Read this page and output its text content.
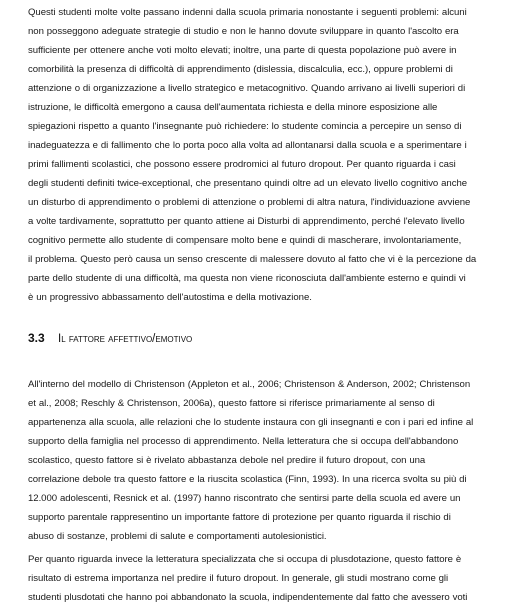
Questi studenti molte volte passano indenni dalla scuola primaria nonostante i seguenti problemi: alcuni
non posseggono adeguate strategie di studio e non le hanno dovute sviluppare in quanto l'ascolto era
sufficiente per ottenere anche voti molto elevati; inoltre, una parte di questa popolazione può avere in
comorbilità la presenza di difficoltà di apprendimento (dislessia, discalculia, ecc.), oppure problemi di
attenzione o di organizzazione a livello strategico e metacognitivo. Quando arrivano ai livelli superiori di
istruzione, le difficoltà emergono a causa dell'aumentata richiesta e della minore esposizione alle
spiegazioni rispetto a quanto l'insegnante può richiedere: lo studente comincia a percepire un senso di
inadeguatezza e di fallimento che lo porta poco alla volta ad allontanarsi dalla scuola e a sperimentare i
primi fallimenti scolastici, che possono essere prodromici al futuro dropout. Per quanto riguarda i casi
degli studenti definiti twice-exceptional, che presentano quindi oltre ad un elevato livello cognitivo anche
un disturbo di apprendimento o problemi di attenzione o problemi di altra natura, l'individuazione avviene
a volte tardivamente, soprattutto per quanto attiene ai Disturbi di apprendimento, perché l'elevato livello
cognitivo permette allo studente di compensare molto bene e quindi di mascherare, involontariamente,
il problema. Questo però causa un senso crescente di malessere dovuto al fatto che vi è la percezione da
parte dello studente di una difficoltà, ma questa non viene riconosciuta dall'ambiente esterno e quindi vi
è un progressivo abbassamento dell'autostima e della motivazione.
3.3 Il fattore affettivo/emotivo
All'interno del modello di Christenson (Appleton et al., 2006; Christenson & Anderson, 2002; Christenson
et al., 2008; Reschly & Christenson, 2006a), questo fattore si riferisce primariamente al senso di
appartenenza alla scuola, alle relazioni che lo studente instaura con gli insegnanti e con i pari ed infine al
supporto della famiglia nel processo di apprendimento. Nella letteratura che si occupa dell'abbandono
scolastico, questo fattore si è rivelato abbastanza debole nel predire il futuro dropout, con una
correlazione debole tra questo fattore e la riuscita scolastica (Finn, 1993). In una ricerca svolta su più di
12.000 adolescenti, Resnick et al. (1997) hanno riscontrato che sentirsi parte della scuola ed avere un
supporto parentale rappresentino un importante fattore di protezione per quanto riguarda il rischio di
abuso di sostanze, problemi di salute e comportamenti autolesionistici.
Per quanto riguarda invece la letteratura specializzata che si occupa di plusdotazione, questo fattore è
risultato di estrema importanza nel predire il futuro dropout. In generale, gli studi mostrano come gli
studenti plusdotati che hanno poi abbandonato la scuola, indipendentemente dal fatto che avessero voti
